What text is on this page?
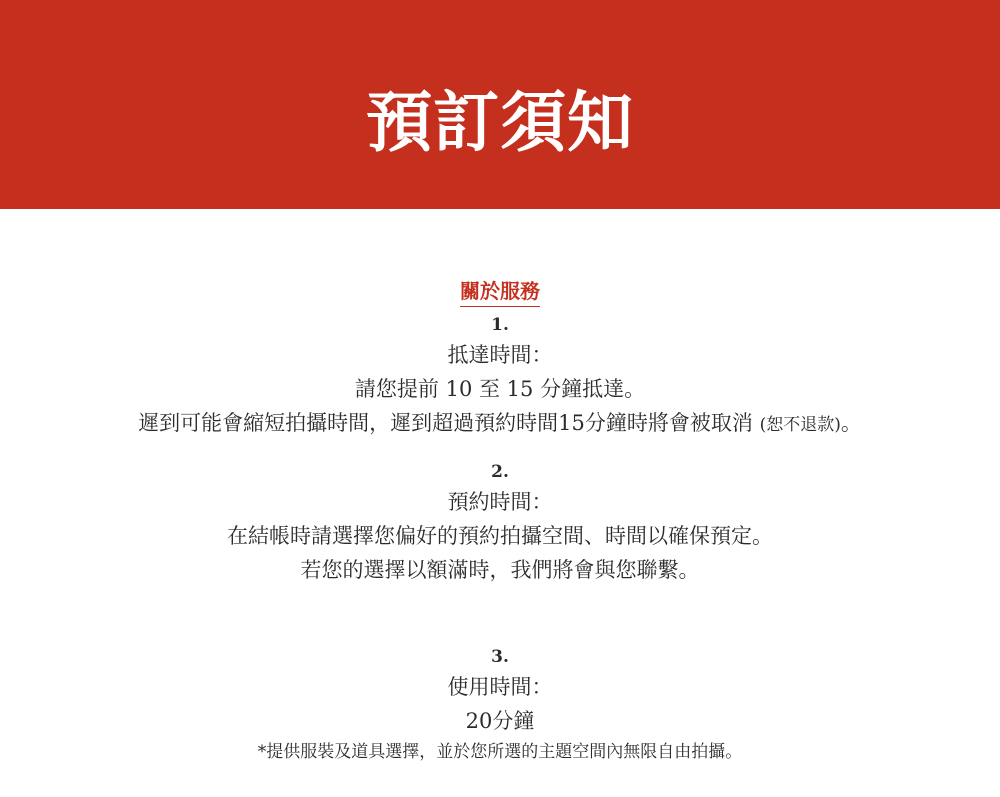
預訂須知
關於服務
1.
抵達時間：
請您提前 10 至 15 分鐘抵達。
遲到可能會縮短拍攝時間，遲到超過預約時間15分鐘時將會被取消 (恕不退款)。
2.
預約時間：
在結帳時請選擇您偏好的預約拍攝空間、時間以確保預定。
若您的選擇以額滿時，我們將會與您聯繫。
3.
使用時間：
20分鐘
*提供服裝及道具選擇，並於您所選的主題空間內無限自由拍攝。
